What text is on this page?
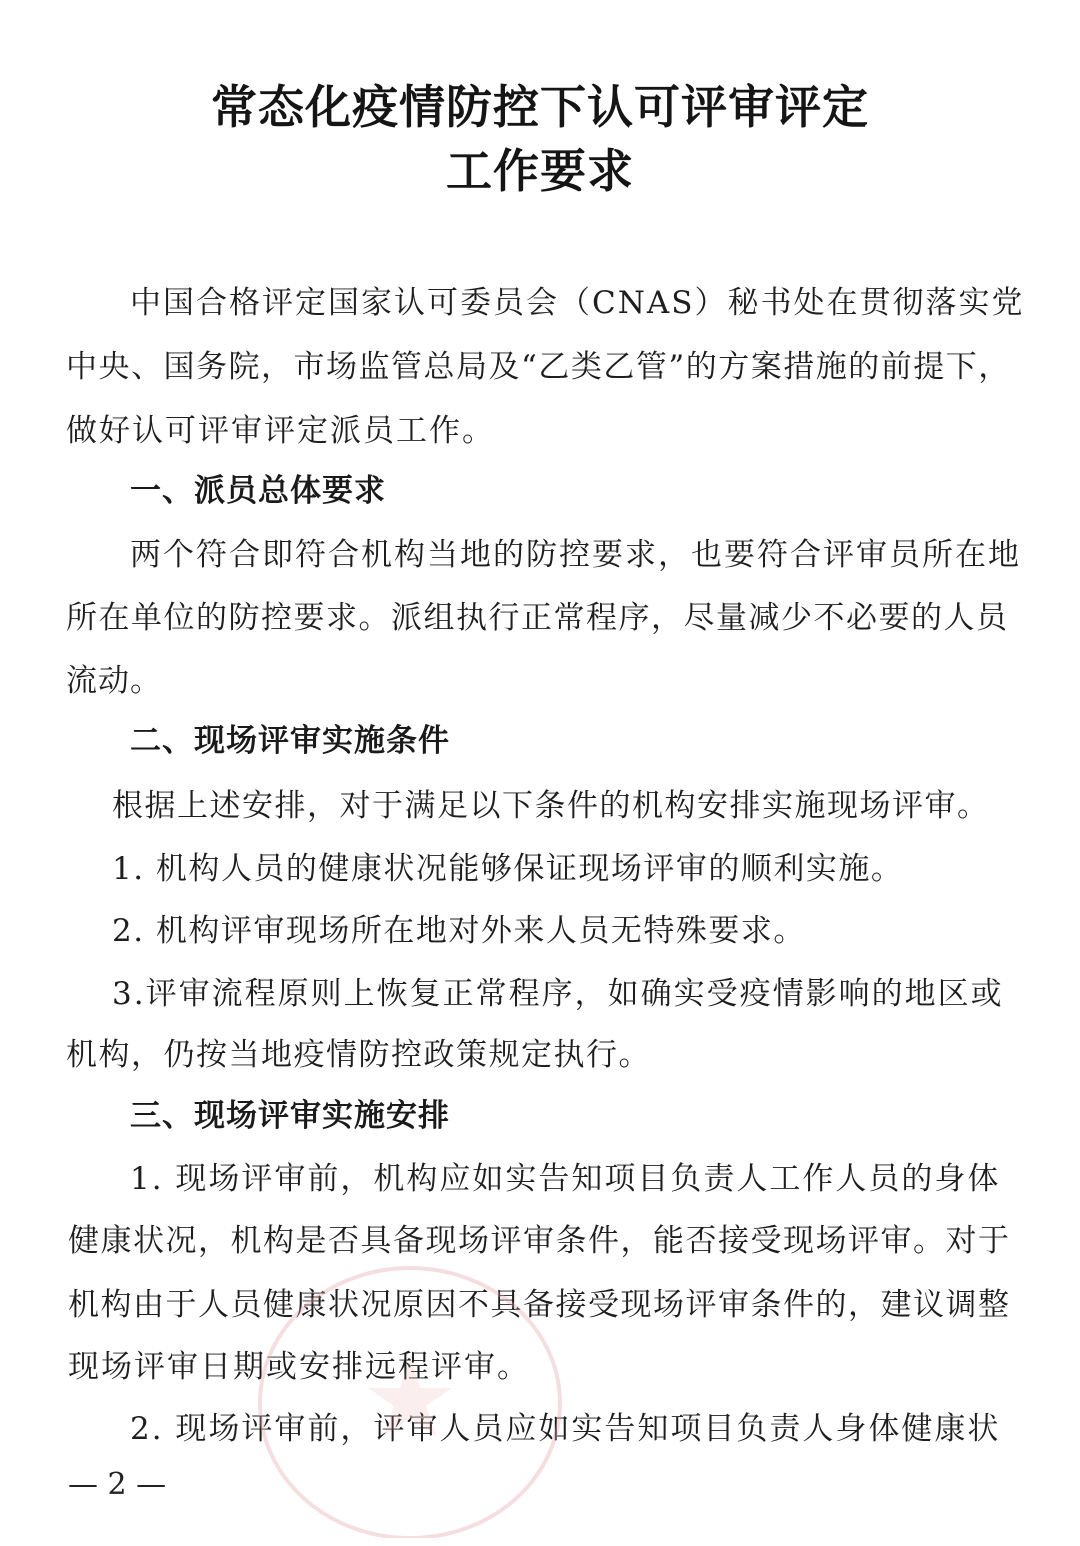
常态化疫情防控下认可评审评定
工作要求

中国合格评定国家认可委员会（CNAS）秘书处在贯彻落实党

中央、国务院，市场监管总局及“乙类乙管”的方案措施的前提下，

做好认可评审评定派员工作。

一、派员总体要求

两个符合即符合机构当地的防控要求，也要符合评审员所在地

所在单位的防控要求。派组执行正常程序，尽量减少不必要的人员

流动。

二、现场评审实施条件

根据上述安排，对于满足以下条件的机构安排实施现场评审。

1. 机构人员的健康状况能够保证现场评审的顺利实施。

2. 机构评审现场所在地对外来人员无特殊要求。

3.评审流程原则上恢复正常程序，如确实受疫情影响的地区或

机构，仍按当地疫情防控政策规定执行。

三、现场评审实施安排

1. 现场评审前，机构应如实告知项目负责人工作人员的身体

健康状况，机构是否具备现场评审条件，能否接受现场评审。对于

机构由于人员健康状况原因不具备接受现场评审条件的，建议调整

现场评审日期或安排远程评审。

2. 现场评审前，评审人员应如实告知项目负责人身体健康状

— 2 —
